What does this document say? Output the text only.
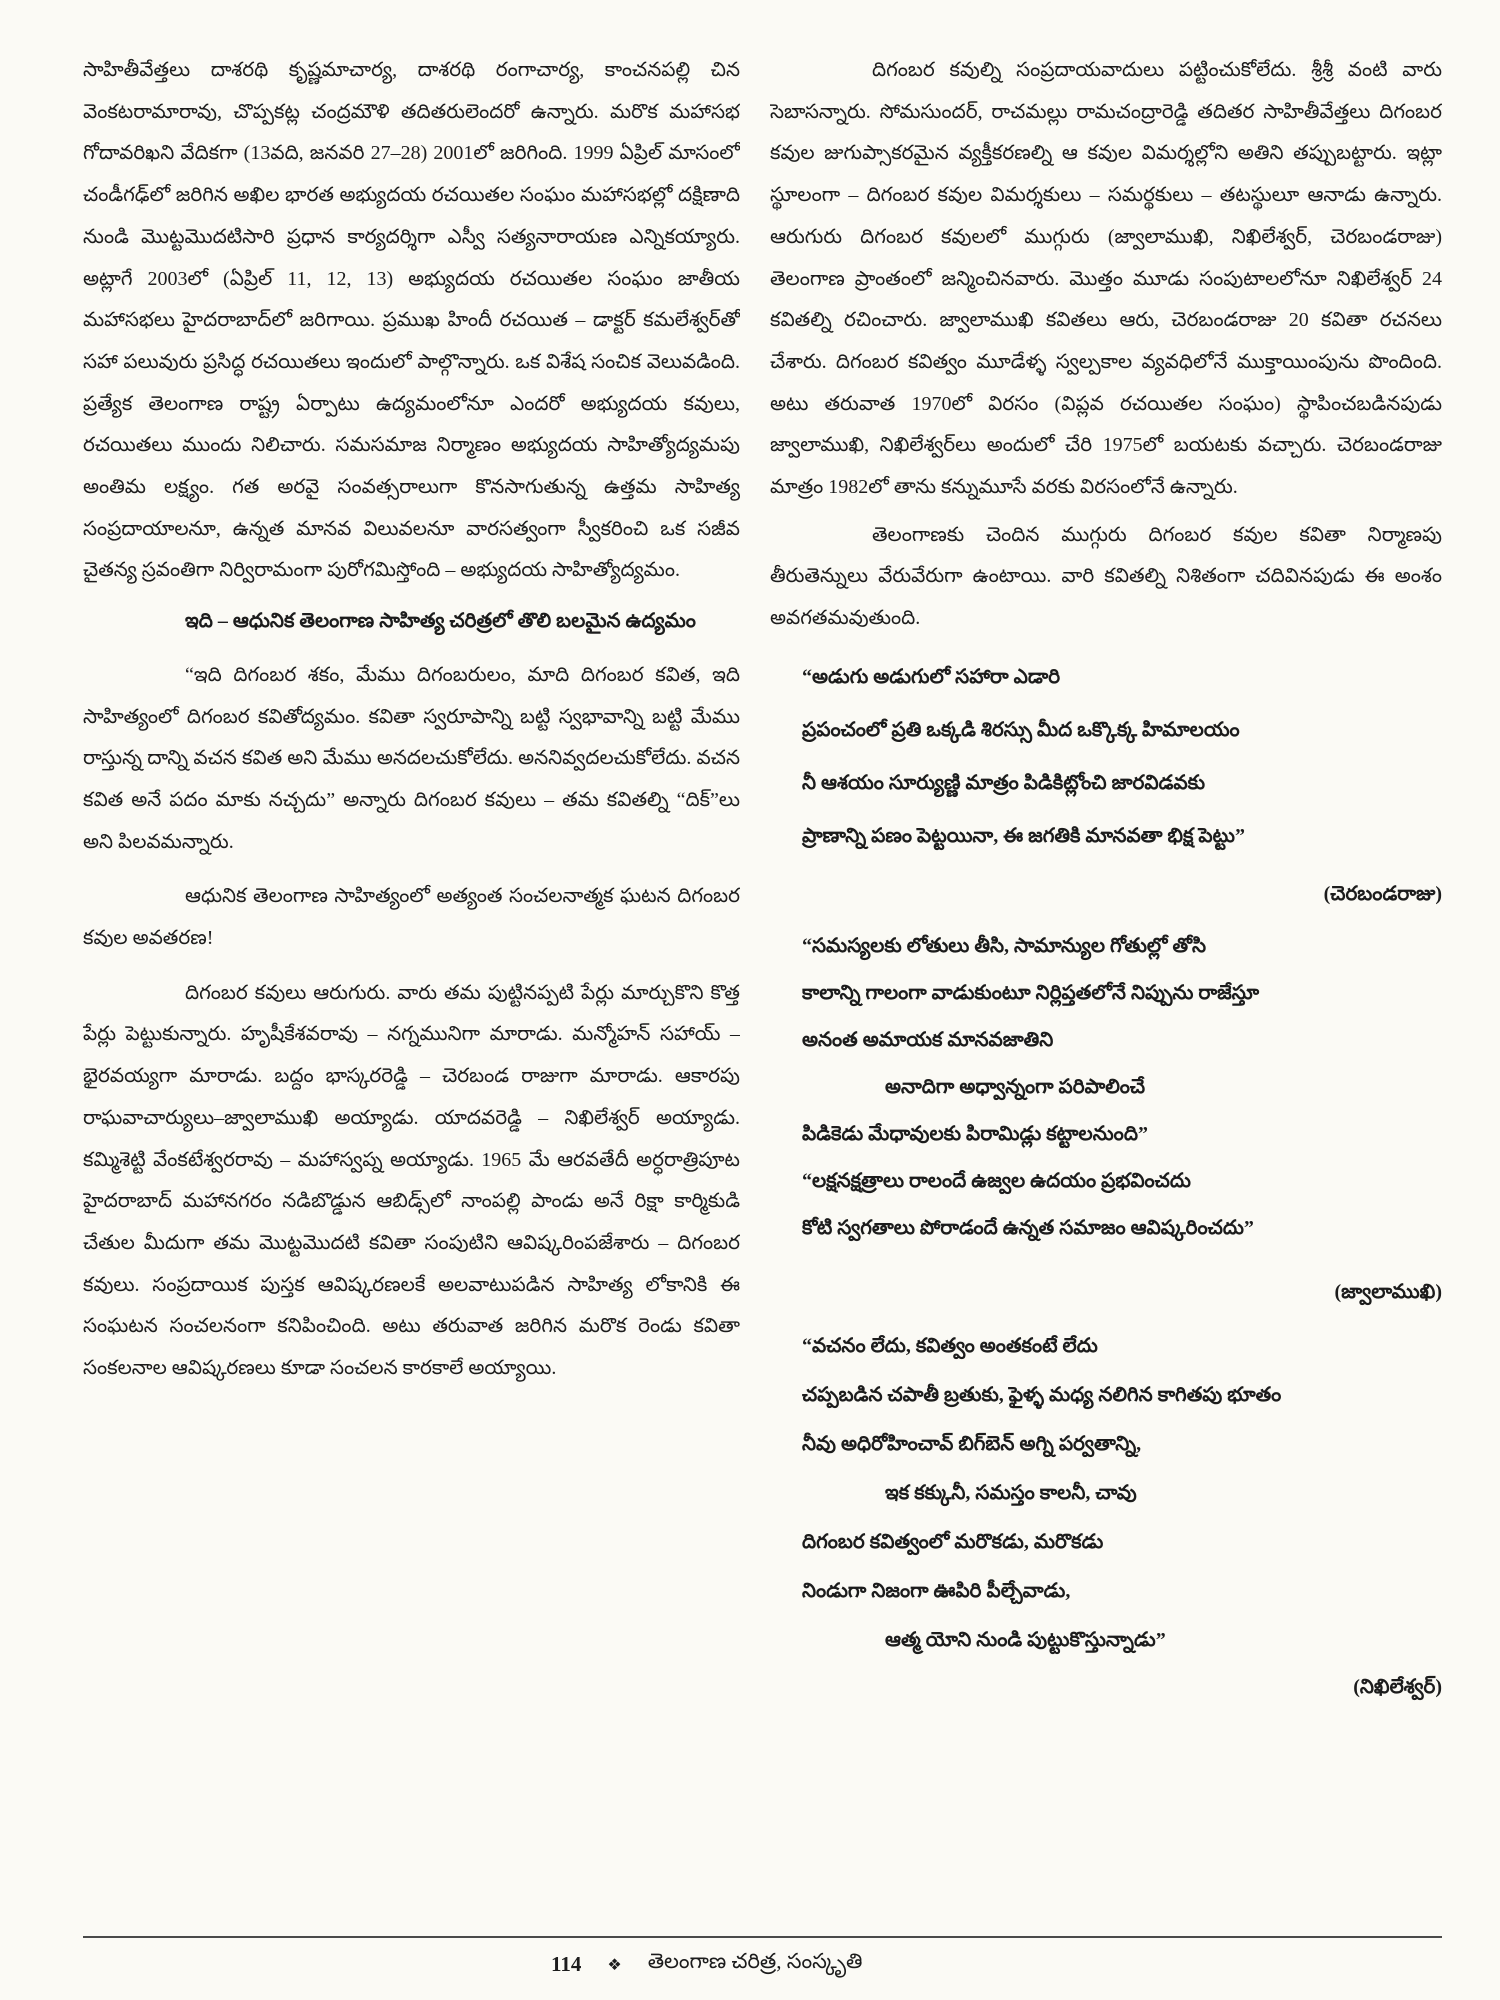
సాహితీవేత్తలు దాశరథి కృష్ణమాచార్య, దాశరథి రంగాచార్య, కాంచనపల్లి చిన వెంకటరామారావు, చొప్పకట్ల చంద్రమౌళి తదితరులెందరో ఉన్నారు. మరొక మహాసభ గోదావరిఖని వేదికగా (13వది, జనవరి 27–28) 2001లో జరిగింది. 1999 ఏప్రిల్ మాసంలో చండీగఢ్‌లో జరిగిన అఖిల భారత అభ్యుదయ రచయితల సంఘం మహాసభల్లో దక్షిణాది నుండి మొట్టమొదటిసారి ప్రధాన కార్యదర్శిగా ఎస్వీ సత్యనారాయణ ఎన్నికయ్యారు. అట్లాగే 2003లో (ఏప్రిల్ 11, 12, 13) అభ్యుదయ రచయితల సంఘం జాతీయ మహాసభలు హైదరాబాద్‌లో జరిగాయి. ప్రముఖ హిందీ రచయిత – డాక్టర్ కమలేశ్వర్‌తో సహా పలువురు ప్రసిద్ధ రచయితలు ఇందులో పాల్గొన్నారు. ఒక విశేష సంచిక వెలువడింది. ప్రత్యేక తెలంగాణ రాష్ట్ర ఏర్పాటు ఉద్యమంలోనూ ఎందరో అభ్యుదయ కవులు, రచయితలు ముందు నిలిచారు. సమసమాజ నిర్మాణం అభ్యుదయ సాహిత్యోద్యమపు అంతిమ లక్ష్యం. గత అరవై సంవత్సరాలుగా కొనసాగుతున్న ఉత్తమ సాహిత్య సంప్రదాయాలనూ, ఉన్నత మానవ విలువలనూ వారసత్వంగా స్వీకరించి ఒక సజీవ చైతన్య స్రవంతిగా నిర్విరామంగా పురోగమిస్తోంది – అభ్యుదయ సాహిత్యోద్యమం.

ఇది – ఆధునిక తెలంగాణ సాహిత్య చరిత్రలో తొలి బలమైన ఉద్యమం

“ఇది దిగంబర శకం, మేము దిగంబరులం, మాది దిగంబర కవిత, ఇది సాహిత్యంలో దిగంబర కవితోద్యమం. కవితా స్వరూపాన్ని బట్టి స్వభావాన్ని బట్టి మేము రాస్తున్న దాన్ని వచన కవిత అని మేము అనదలచుకోలేదు. అననివ్వదలచుకోలేదు. వచన కవిత అనే పదం మాకు నచ్చదు” అన్నారు దిగంబర కవులు – తమ కవితల్ని “దిక్”లు అని పిలవమన్నారు.

ఆధునిక తెలంగాణ సాహిత్యంలో అత్యంత సంచలనాత్మక ఘటన దిగంబర కవుల అవతరణ!

దిగంబర కవులు ఆరుగురు. వారు తమ పుట్టినప్పటి పేర్లు మార్చుకొని కొత్త పేర్లు పెట్టుకున్నారు. హృషీకేశవరావు – నగ్నమునిగా మారాడు. మన్మోహన్ సహాయ్ – భైరవయ్యగా మారాడు. బద్దం భాస్కరరెడ్డి – చెరబండ రాజుగా మారాడు. ఆకారపు రాఘవాచార్యులు–జ్వాలాముఖి అయ్యాడు. యాదవరెడ్డి – నిఖిలేశ్వర్ అయ్యాడు. కమ్మిశెట్టి వేంకటేశ్వరరావు – మహాస్వప్న అయ్యాడు. 1965 మే ఆరవతేదీ అర్ధరాత్రిపూట హైదరాబాద్ మహానగరం నడిబొడ్డున ఆబిడ్స్‌లో నాంపల్లి పాండు అనే రిక్షా కార్మికుడి చేతుల మీదుగా తమ మొట్టమొదటి కవితా సంపుటిని ఆవిష్కరింపజేశారు – దిగంబర కవులు. సంప్రదాయిక పుస్తక ఆవిష్కరణలకే అలవాటుపడిన సాహిత్య లోకానికి ఈ సంఘటన సంచలనంగా కనిపించింది. అటు తరువాత జరిగిన మరొక రెండు కవితా సంకలనాల ఆవిష్కరణలు కూడా సంచలన కారకాలే అయ్యాయి.

దిగంబర కవుల్ని సంప్రదాయవాదులు పట్టించుకోలేదు. శ్రీశ్రీ వంటి వారు సెబాసన్నారు. సోమసుందర్, రాచమల్లు రామచంద్రారెడ్డి తదితర సాహితీవేత్తలు దిగంబర కవుల జుగుప్సాకరమైన వ్యక్తీకరణల్ని ఆ కవుల విమర్శల్లోని అతిని తప్పుబట్టారు. ఇట్లా స్థూలంగా – దిగంబర కవుల విమర్శకులు – సమర్థకులు – తటస్థులూ ఆనాడు ఉన్నారు. ఆరుగురు దిగంబర కవులలో ముగ్గురు (జ్వాలాముఖి, నిఖిలేశ్వర్, చెరబండరాజు) తెలంగాణ ప్రాంతంలో జన్మించినవారు. మొత్తం మూడు సంపుటాలలోనూ నిఖిలేశ్వర్ 24 కవితల్ని రచించారు. జ్వాలాముఖి కవితలు ఆరు, చెరబండరాజు 20 కవితా రచనలు చేశారు. దిగంబర కవిత్వం మూడేళ్ళ స్వల్పకాల వ్యవధిలోనే ముక్తాయింపును పొందింది. అటు తరువాత 1970లో విరసం (విప్లవ రచయితల సంఘం) స్థాపించబడినపుడు జ్వాలాముఖి, నిఖిలేశ్వర్‌లు అందులో చేరి 1975లో బయటకు వచ్చారు. చెరబండరాజు మాత్రం 1982లో తాను కన్నుమూసే వరకు విరసంలోనే ఉన్నారు.

తెలంగాణకు చెందిన ముగ్గురు దిగంబర కవుల కవితా నిర్మాణపు తీరుతెన్నులు వేరువేరుగా ఉంటాయి. వారి కవితల్ని నిశితంగా చదివినపుడు ఈ అంశం అవగతమవుతుంది.

“అడుగు అడుగులో సహారా ఎడారి
ప్రపంచంలో ప్రతి ఒక్కడి శిరస్సు మీద ఒక్కొక్క హిమాలయం
నీ ఆశయం సూర్యుణ్ణి మాత్రం పిడికిట్లోంచి జారవిడవకు
ప్రాణాన్ని పణం పెట్టయినా, ఈ జగతికి మానవతా భిక్ష పెట్టు”
(చెరబండరాజు)
“సమస్యలకు లోతులు తీసి, సామాన్యుల గోతుల్లో తోసి
కాలాన్ని గాలంగా వాడుకుంటూ నిర్లిప్తతలోనే నిప్పును రాజేస్తూ
అనంత అమాయక మానవజాతిని
అనాదిగా అధ్వాన్నంగా పరిపాలించే
పిడికెడు మేధావులకు పిరామిడ్లు కట్టాలనుంది”
“లక్షనక్షత్రాలు రాలందే ఉజ్వల ఉదయం ప్రభవించదు
కోటి స్వగతాలు పోరాడందే ఉన్నత సమాజం ఆవిష్కరించదు”
(జ్వాలాముఖి)
“వచనం లేదు, కవిత్వం అంతకంటే లేదు
చప్పబడిన చపాతీ బ్రతుకు, ఫైళ్ళ మధ్య నలిగిన కాగితపు భూతం
నీవు అధిరోహించావ్ బిగ్‌బెన్ అగ్ని పర్వతాన్ని,
ఇక కక్కునీ, సమస్తం కాలనీ, చావు
దిగంబర కవిత్వంలో మరొకడు, మరొకడు
నిండుగా నిజంగా ఊపిరి పీల్చేవాడు,
ఆత్మ యోని నుండి పుట్టుకొస్తున్నాడు”
(నిఖిలేశ్వర్)
114 ❖ తెలంగాణ చరిత్ర, సంస్కృతి
